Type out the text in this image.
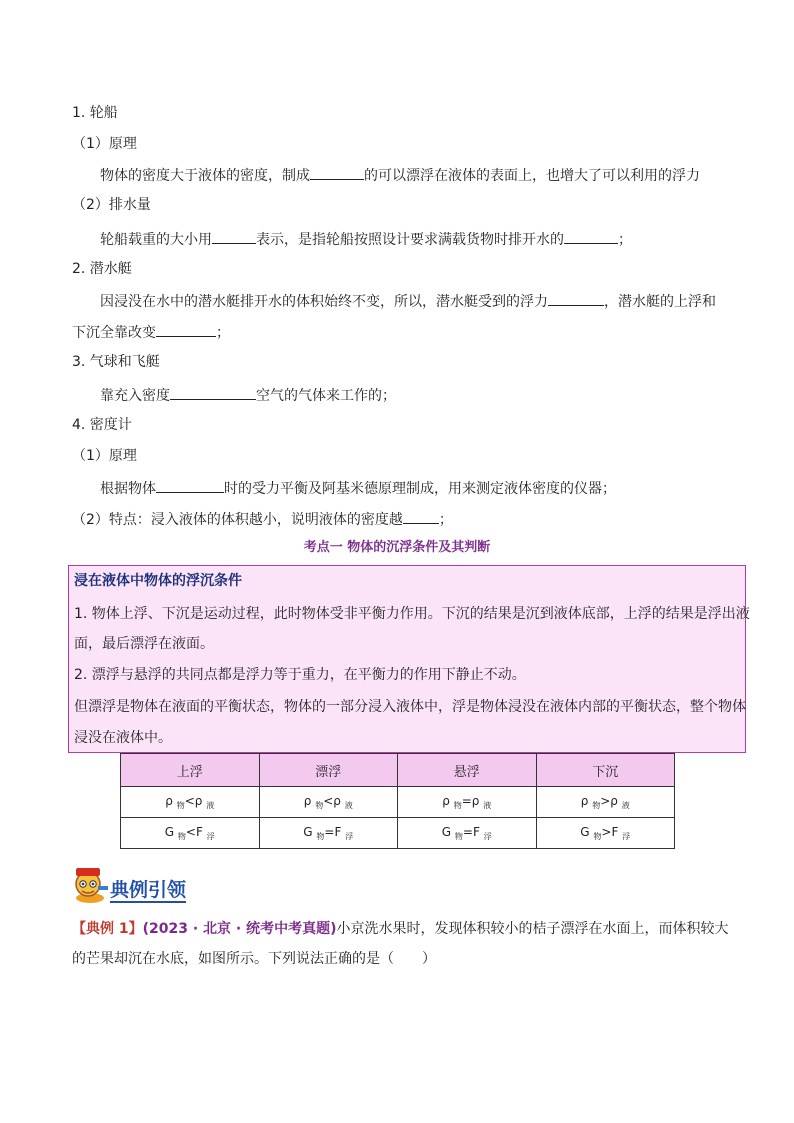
1. 轮船
（1）原理
物体的密度大于液体的密度，制成	的可以漂浮在液体的表面上，也增大了可以利用的浮力
（2）排水量
轮船载重的大小用	表示，是指轮船按照设计要求满载货物时排开水的	；
2. 潜水艇
因浸没在水中的潜水艇排开水的体积始终不变，所以，潜水艇受到的浮力	，潜水艇的上浮和
下沉全靠改变	；
3. 气球和飞艇
靠充入密度	空气的气体来工作的；
4. 密度计
（1）原理
根据物体	时的受力平衡及阿基米德原理制成，用来测定液体密度的仪器；
（2）特点：浸入液体的体积越小，说明液体的密度越	；
考点一 物体的沉浮条件及其判断
浸在液体中物体的浮沉条件
1. 物体上浮、下沉是运动过程，此时物体受非平衡力作用。下沉的结果是沉到液体底部，上浮的结果是浮出液
面，最后漂浮在液面。
2. 漂浮与悬浮的共同点都是浮力等于重力，在平衡力的作用下静止不动。
但漂浮是物体在液面的平衡状态，物体的一部分浸入液体中，浮是物体浸没在液体内部的平衡状态，整个物体
浸没在液体中。
上浮	漂浮	悬浮	下沉
ρ $_物$<ρ $_液$	ρ $_物$<ρ $_液$	ρ $_物$=ρ $_液$	ρ $_物$>ρ $_液$
G $_物$<F $_浮$	G $_物$=F $_浮$	G $_物$=F $_浮$	G $_物$>F $_浮$
典例引领
【典例 1】(2023 · 北京 · 统考中考真题)小京洗水果时，发现体积较小的桔子漂浮在水面上，而体积较大
的芒果却沉在水底，如图所示。下列说法正确的是（　　）
